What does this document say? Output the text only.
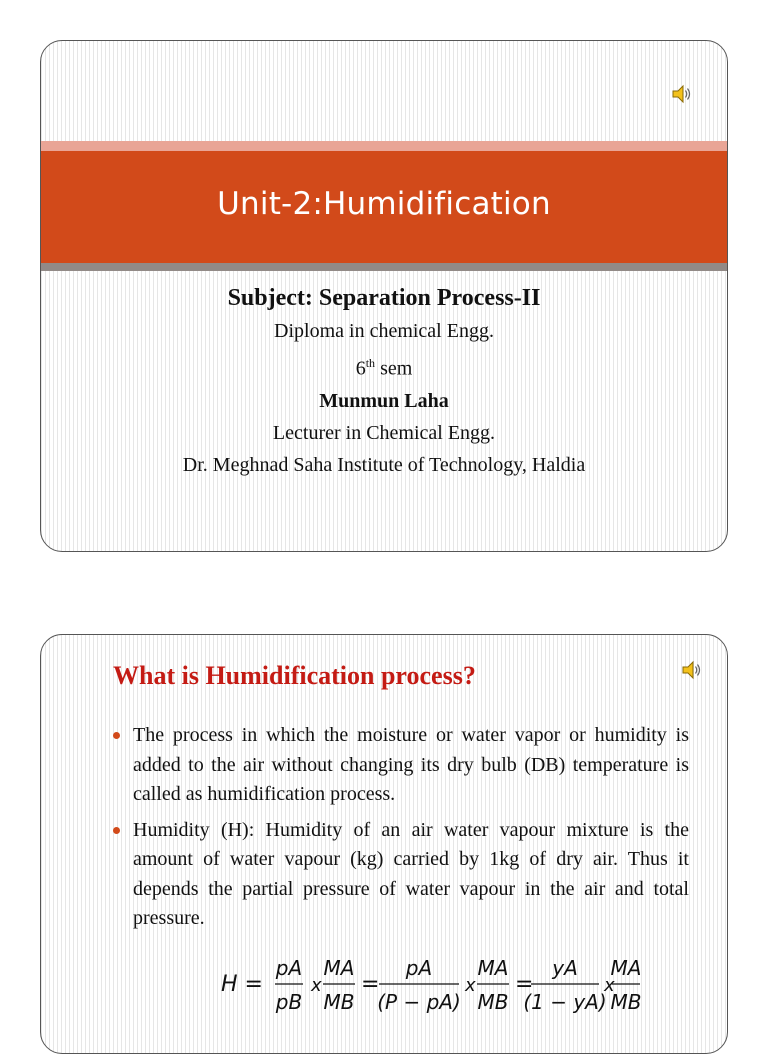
Unit-2:Humidification
Subject: Separation Process-II
Diploma in chemical Engg.
6th sem
Munmun Laha
Lecturer in Chemical Engg.
Dr. Meghnad Saha Institute of Technology, Haldia
What is Humidification process?
The process in which the moisture or water vapor or humidity is added to the air without changing its dry bulb (DB) temperature is called as humidification process.
Humidity (H): Humidity of an air water vapour mixture is the amount of water vapour (kg) carried by 1kg of dry air. Thus it depends the partial pressure of water vapour in the air and total pressure.
H =
pA
pB
x
MA
MB
=
pA
(P − pA)
x
MA
MB
=
yA
(1 − yA)
x
MA
MB
